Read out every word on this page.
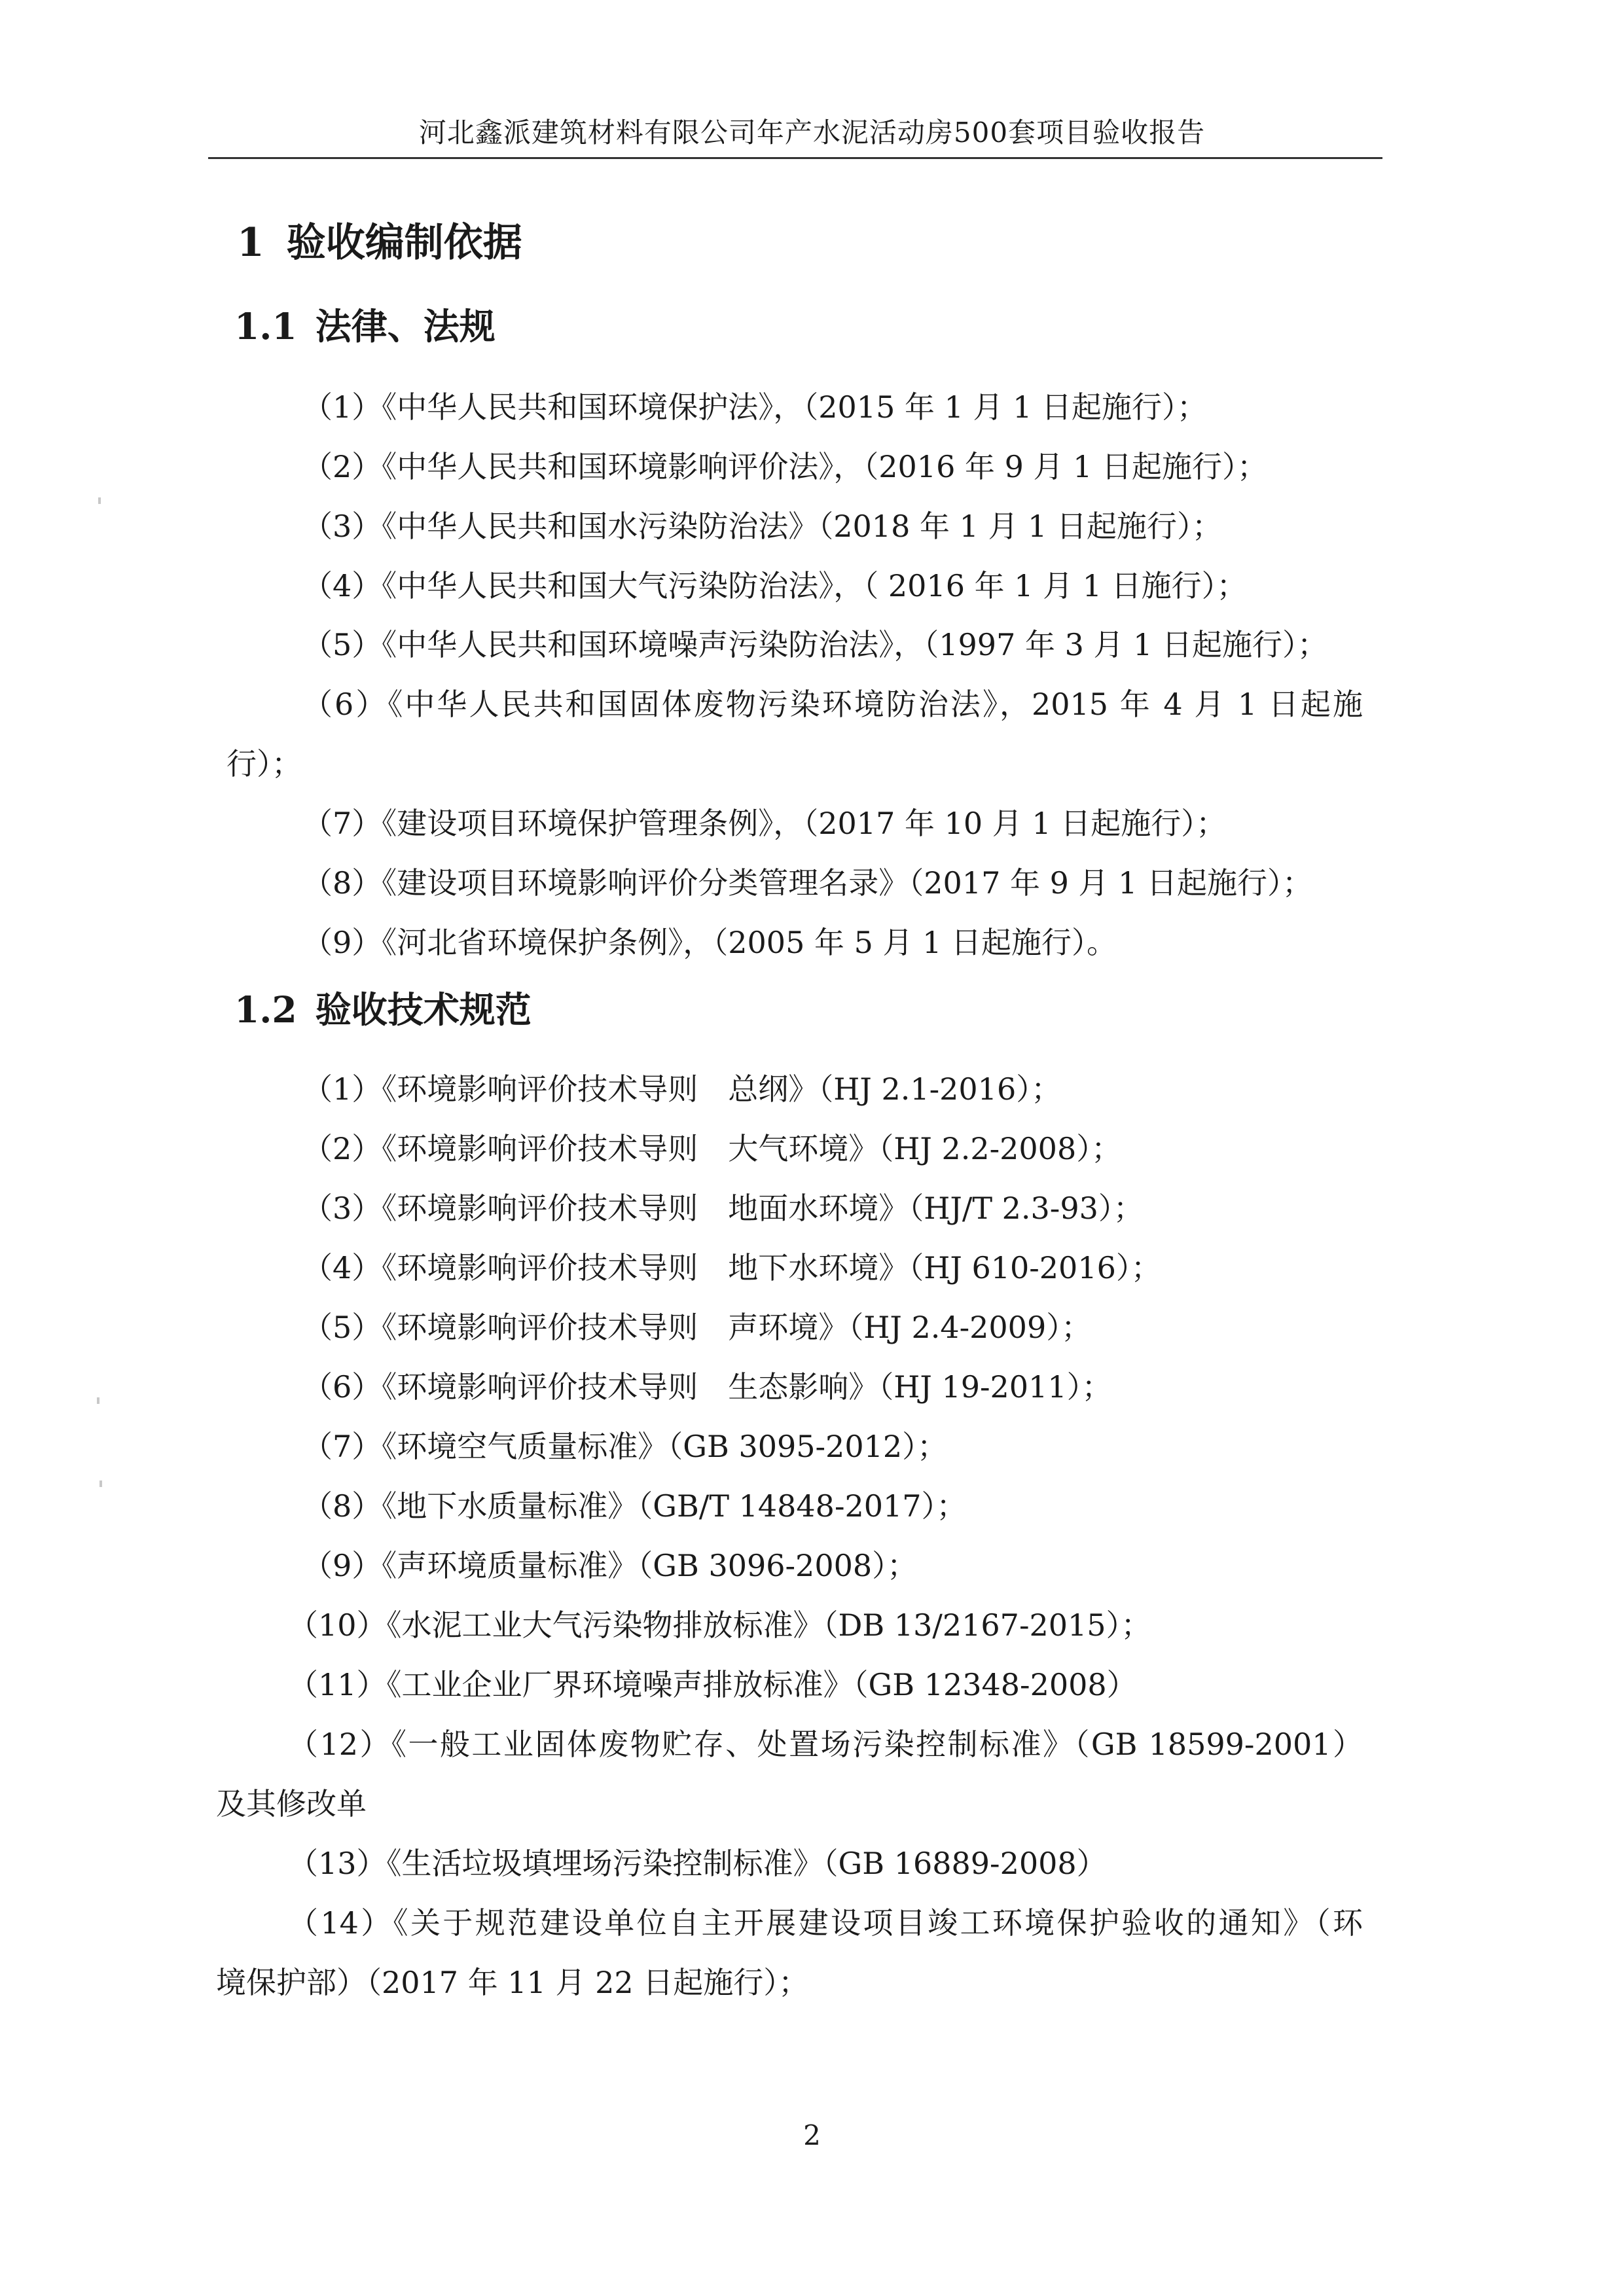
河北鑫派建筑材料有限公司年产水泥活动房500套项目验收报告
1 验收编制依据
1.1 法律、法规

（1）《中华人民共和国环境保护法》，（2015 年 1 月 1 日起施行）；

（2）《中华人民共和国环境影响评价法》，（2016 年 9 月 1 日起施行）；

（3）《中华人民共和国水污染防治法》（2018 年 1 月 1 日起施行）；

（4）《中华人民共和国大气污染防治法》，（ 2016 年 1 月 1 日施行）；

（5）《中华人民共和国环境噪声污染防治法》，（1997 年 3 月 1 日起施行）；

（6）《中华人民共和国固体废物污染环境防治法》，2015 年 4 月 1 日起施

行）；

（7）《建设项目环境保护管理条例》，（2017 年 10 月 1 日起施行）；

（8）《建设项目环境影响评价分类管理名录》（2017 年 9 月 1 日起施行）；

（9）《河北省环境保护条例》，（2005 年 5 月 1 日起施行）。

1.2 验收技术规范

（1）《环境影响评价技术导则　总纲》（HJ 2.1-2016）；

（2）《环境影响评价技术导则　大气环境》（HJ 2.2-2008）；

（3）《环境影响评价技术导则　地面水环境》（HJ/T 2.3-93）；

（4）《环境影响评价技术导则　地下水环境》（HJ 610-2016）；

（5）《环境影响评价技术导则　声环境》（HJ 2.4-2009）；

（6）《环境影响评价技术导则　生态影响》（HJ 19-2011）；

（7）《环境空气质量标准》（GB 3095-2012）；

（8）《地下水质量标准》（GB/T 14848-2017）；

（9）《声环境质量标准》（GB 3096-2008）；

（10）《水泥工业大气污染物排放标准》（DB 13/2167-2015）；

（11）《工业企业厂界环境噪声排放标准》（GB 12348-2008）

（12）《一般工业固体废物贮存、处置场污染控制标准》（GB 18599-2001）

及其修改单

（13）《生活垃圾填埋场污染控制标准》（GB 16889-2008）

（14）《关于规范建设单位自主开展建设项目竣工环境保护验收的通知》（环

境保护部）（2017 年 11 月 22 日起施行）；

2
